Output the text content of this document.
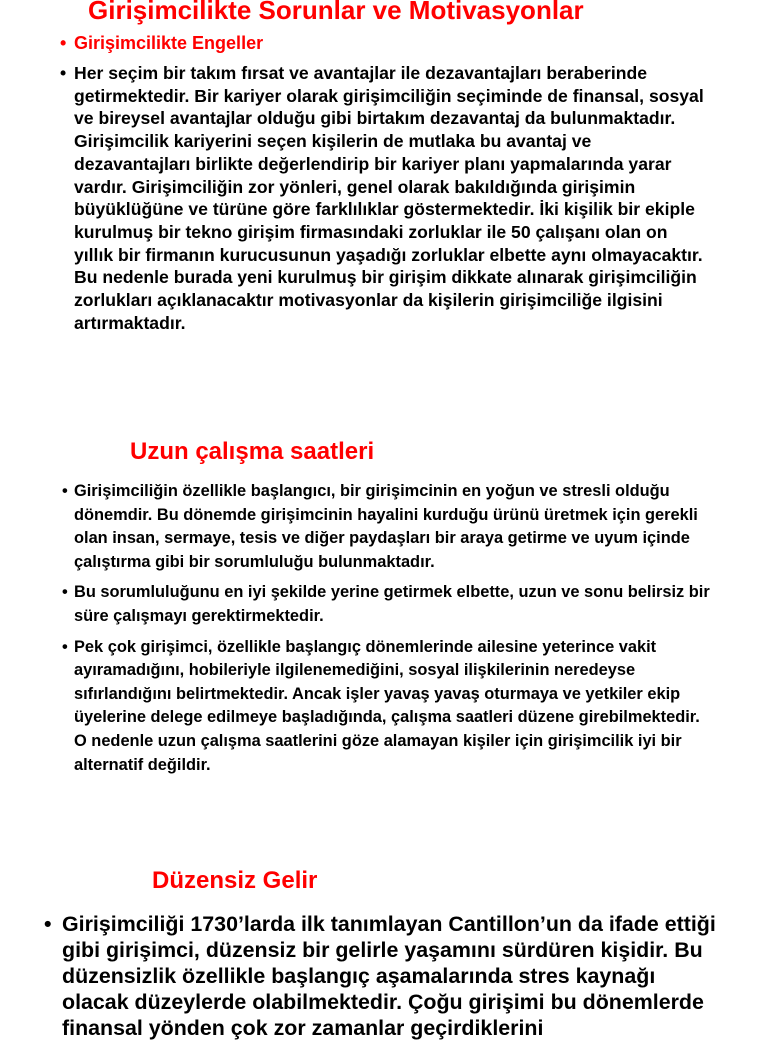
Girişimcilikte Sorunlar ve Motivasyonlar
• Girişimcilikte Engeller
• Her seçim bir takım fırsat ve avantajlar ile dezavantajları beraberinde getirmektedir. Bir kariyer olarak girişimciliğin seçiminde de finansal, sosyal ve bireysel avantajlar olduğu gibi birtakım dezavantaj da bulunmaktadır. Girişimcilik kariyerini seçen kişilerin de mutlaka bu avantaj ve dezavantajları birlikte değerlendirip bir kariyer planı yapmalarında yarar vardır. Girişimciliğin zor yönleri, genel olarak bakıldığında girişimin büyüklüğüne ve türüne göre farklılıklar göstermektedir. İki kişilik bir ekiple kurulmuş bir tekno girişim firmasındaki zorluklar ile 50 çalışanı olan on yıllık bir firmanın kurucusunun yaşadığı zorluklar elbette aynı olmayacaktır. Bu nedenle burada yeni kurulmuş bir girişim dikkate alınarak girişimciliğin zorlukları açıklanacaktır motivasyonlar da kişilerin girişimciliğe ilgisini artırmaktadır.
Uzun çalışma saatleri
• Girişimciliğin özellikle başlangıcı, bir girişimcinin en yoğun ve stresli olduğu dönemdir. Bu dönemde girişimcinin hayalini kurduğu ürünü üretmek için gerekli olan insan, sermaye, tesis ve diğer paydaşları bir araya getirme ve uyum içinde çalıştırma gibi bir sorumluluğu bulunmaktadır.
• Bu sorumluluğunu en iyi şekilde yerine getirmek elbette, uzun ve sonu belirsiz bir süre çalışmayı gerektirmektedir.
• Pek çok girişimci, özellikle başlangıç dönemlerinde ailesine yeterince vakit ayıramadığını, hobileriyle ilgilenemediğini, sosyal ilişkilerinin neredeyse sıfırlandığını belirtmektedir. Ancak işler yavaş yavaş oturmaya ve yetkiler ekip üyelerine delege edilmeye başladığında, çalışma saatleri düzene girebilmektedir. O nedenle uzun çalışma saatlerini göze alamayan kişiler için girişimcilik iyi bir alternatif değildir.
Düzensiz Gelir
• Girişimciliği 1730’larda ilk tanımlayan Cantillon’un da ifade ettiği gibi girişimci, düzensiz bir gelirle yaşamını sürdüren kişidir. Bu düzensizlik özellikle başlangıç aşamalarında stres kaynağı olacak düzeylerde olabilmektedir. Çoğu girişimi bu dönemlerde finansal yönden çok zor zamanlar geçirdiklerini
